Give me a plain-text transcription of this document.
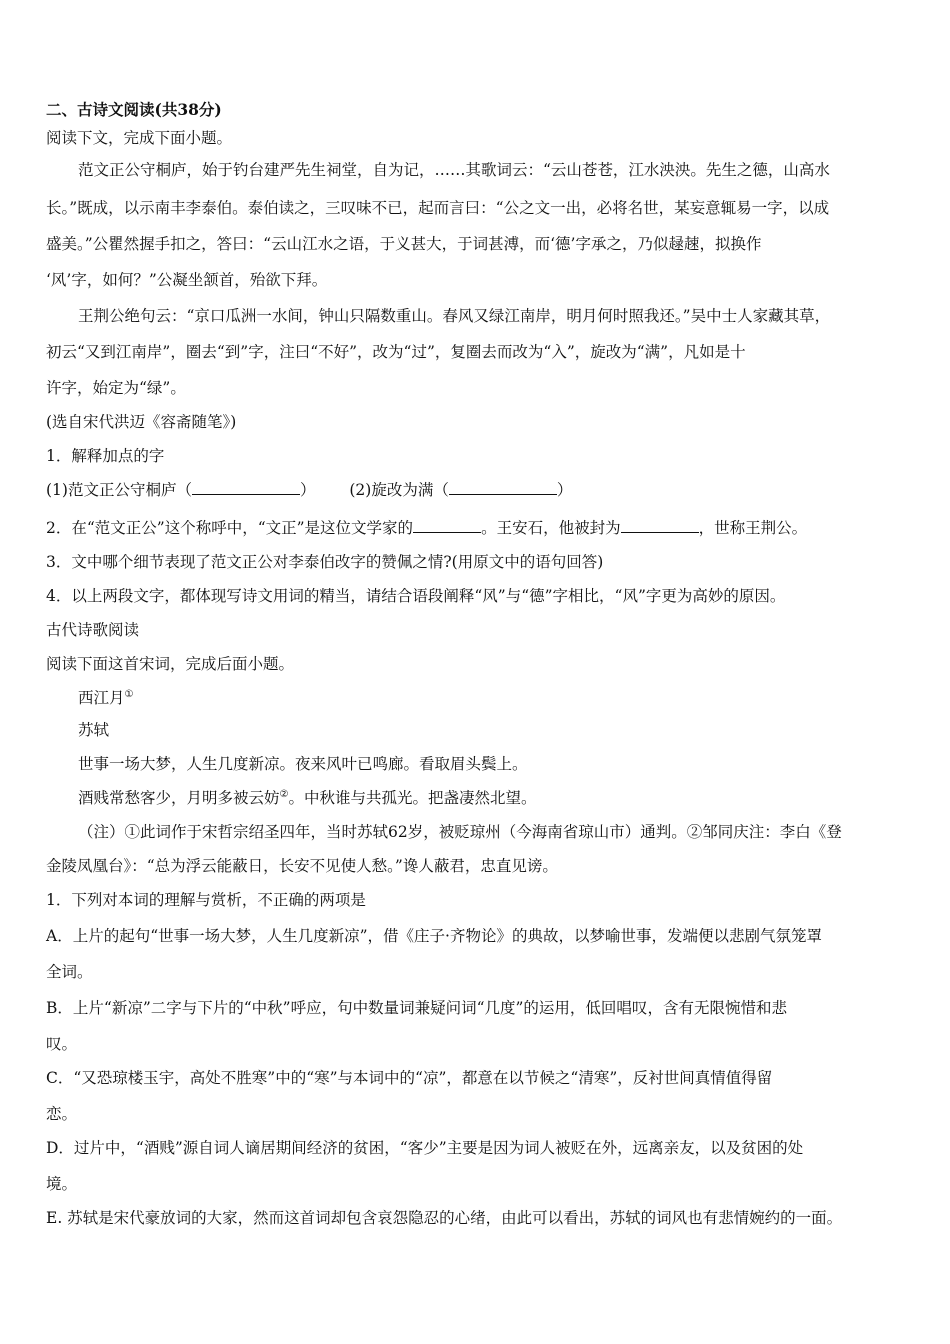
二、古诗文阅读(共38分)
阅读下文，完成下面小题。
范文正公守桐庐，始于钓台建严先生祠堂，自为记，……其歌词云：“云山苍苍，江水泱泱。先生之德，山高水
长。”既成，以示南丰李泰伯。泰伯读之，三叹味不已，起而言曰：“公之文一出，必将名世，某妄意辄易一字，以成
盛美。”公瞿然握手扣之，答曰：“云山江水之语，于义甚大，于词甚溥，而‘德’字承之，乃似趢趚，拟换作
‘风’字，如何？”公凝坐颔首，殆欲下拜。
王荆公绝句云：“京口瓜洲一水间，钟山只隔数重山。春风又绿江南岸，明月何时照我还。”吴中士人家藏其草，
初云“又到江南岸”，圈去“到”字，注曰“不好”，改为“过”，复圈去而改为“入”，旋改为“满”，凡如是十
许字，始定为“绿”。
(选自宋代洪迈《容斋随笔》)
1．解释加点的字
(1)范文正公守桐庐（	） (2)旋改为满（	）
2．在“范文正公”这个称呼中，“文正”是这位文学家的	。王安石，他被封为	，世称王荆公。
3．文中哪个细节表现了范文正公对李泰伯改字的赞佩之情?(用原文中的语句回答)
4．以上两段文字，都体现写诗文用词的精当，请结合语段阐释“风”与“德”字相比，“风”字更为高妙的原因。
古代诗歌阅读
阅读下面这首宋词，完成后面小题。
西江月①
苏轼
世事一场大梦，人生几度新凉。夜来风叶已鸣廊。看取眉头鬓上。
酒贱常愁客少，月明多被云妨②。中秋谁与共孤光。把盏凄然北望。
（注）①此词作于宋哲宗绍圣四年，当时苏轼62岁，被贬琼州（今海南省琼山市）通判。②邹同庆注：李白《登
金陵凤凰台》：“总为浮云能蔽日，长安不见使人愁。”谗人蔽君，忠直见谤。
1．下列对本词的理解与赏析，不正确的两项是
A．上片的起句“世事一场大梦，人生几度新凉”，借《庄子·齐物论》的典故，以梦喻世事，发端便以悲剧气氛笼罩
全词。
B．上片“新凉”二字与下片的“中秋”呼应，句中数量词兼疑问词“几度”的运用，低回唱叹，含有无限惋惜和悲
叹。
C．“又恐琼楼玉宇，高处不胜寒”中的“寒”与本词中的“凉”，都意在以节候之“清寒”，反衬世间真情值得留
恋。
D．过片中，“酒贱”源自词人谪居期间经济的贫困，“客少”主要是因为词人被贬在外，远离亲友，以及贫困的处
境。
E. 苏轼是宋代豪放词的大家，然而这首词却包含哀怨隐忍的心绪，由此可以看出，苏轼的词风也有悲情婉约的一面。
